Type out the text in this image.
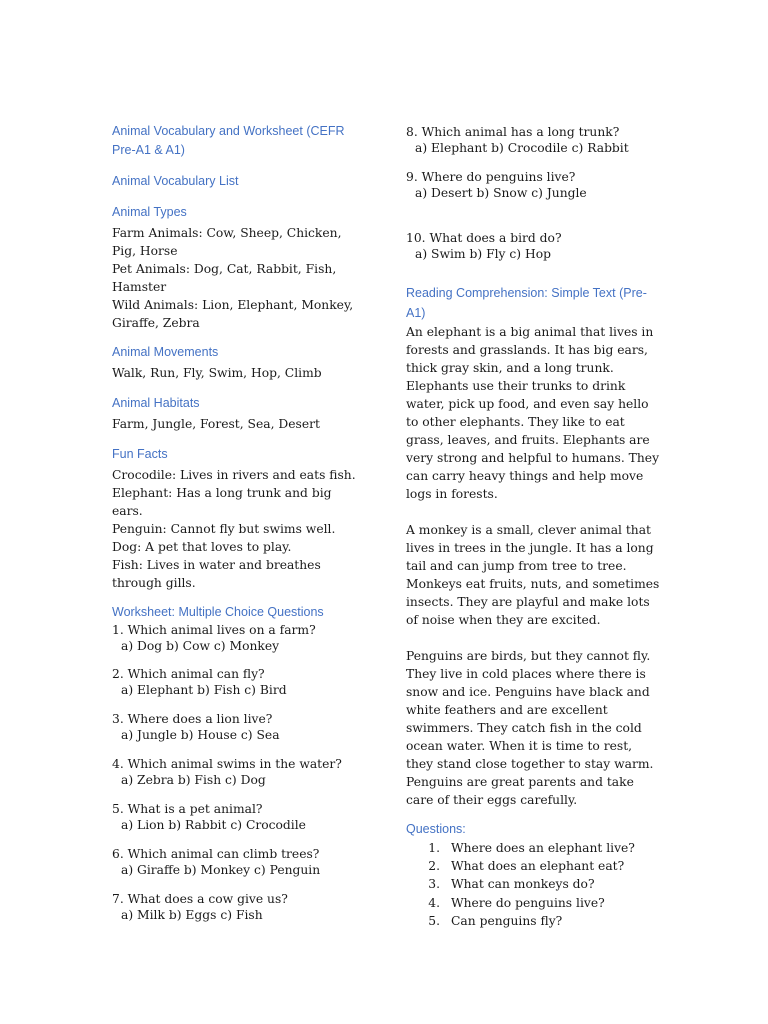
Animal Vocabulary and Worksheet (CEFR Pre-A1 & A1)

Animal Vocabulary List

Animal Types

Farm Animals: Cow, Sheep, Chicken, Pig, Horse

Pet Animals: Dog, Cat, Rabbit, Fish, Hamster

Wild Animals: Lion, Elephant, Monkey, Giraffe, Zebra

Animal Movements

Walk, Run, Fly, Swim, Hop, Climb

Animal Habitats

Farm, Jungle, Forest, Sea, Desert

Fun Facts

Crocodile: Lives in rivers and eats fish.

Elephant: Has a long trunk and big ears.

Penguin: Cannot fly but swims well.

Dog: A pet that loves to play.

Fish: Lives in water and breathes through gills.

Worksheet: Multiple Choice Questions

1. Which animal lives on a farm?
a) Dog b) Cow c) Monkey
2. Which animal can fly?
a) Elephant b) Fish c) Bird
3. Where does a lion live?
a) Jungle b) House c) Sea
4. Which animal swims in the water?
a) Zebra b) Fish c) Dog
5. What is a pet animal?
a) Lion b) Rabbit c) Crocodile
6. Which animal can climb trees?
a) Giraffe b) Monkey c) Penguin
7. What does a cow give us?
a) Milk b) Eggs c) Fish
8. Which animal has a long trunk?
a) Elephant b) Crocodile c) Rabbit
9. Where do penguins live?
a) Desert b) Snow c) Jungle
10. What does a bird do?
a) Swim b) Fly c) Hop

Reading Comprehension: Simple Text (Pre-A1)

An elephant is a big animal that lives in forests and grasslands. It has big ears, thick gray skin, and a long trunk. Elephants use their trunks to drink water, pick up food, and even say hello to other elephants. They like to eat grass, leaves, and fruits. Elephants are very strong and helpful to humans. They can carry heavy things and help move logs in forests.

A monkey is a small, clever animal that lives in trees in the jungle. It has a long tail and can jump from tree to tree. Monkeys eat fruits, nuts, and sometimes insects. They are playful and make lots of noise when they are excited.

Penguins are birds, but they cannot fly. They live in cold places where there is snow and ice. Penguins have black and white feathers and are excellent swimmers. They catch fish in the cold ocean water. When it is time to rest, they stand close together to stay warm. Penguins are great parents and take care of their eggs carefully.

Questions:

1. Where does an elephant live?
2. What does an elephant eat?
3. What can monkeys do?
4. Where do penguins live?
5. Can penguins fly?
